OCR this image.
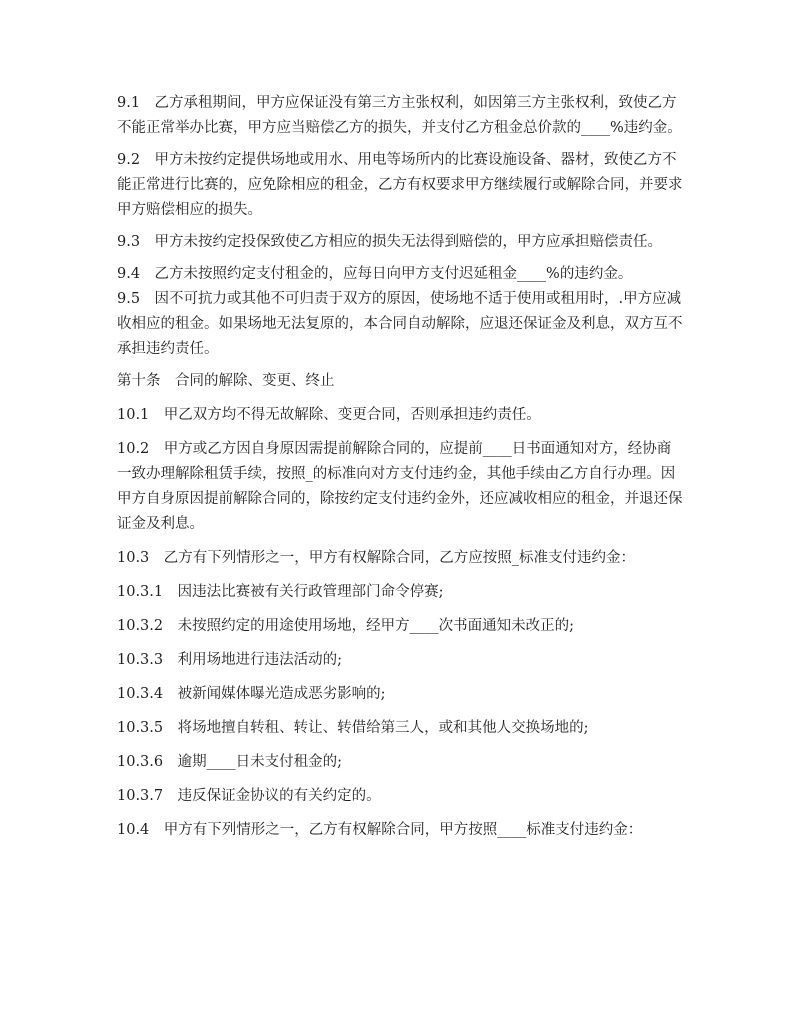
9.1　乙方承租期间，甲方应保证没有第三方主张权利，如因第三方主张权利，致使乙方不能正常举办比赛，甲方应当赔偿乙方的损失，并支付乙方租金总价款的____%违约金。

9.2　甲方未按约定提供场地或用水、用电等场所内的比赛设施设备、器材，致使乙方不能正常进行比赛的，应免除相应的租金，乙方有权要求甲方继续履行或解除合同，并要求甲方赔偿相应的损失。

9.3　甲方未按约定投保致使乙方相应的损失无法得到赔偿的，甲方应承担赔偿责任。

9.4　乙方未按照约定支付租金的，应每日向甲方支付迟延租金____%的违约金。

9.5　因不可抗力或其他不可归责于双方的原因，使场地不适于使用或租用时，.甲方应减收相应的租金。如果场地无法复原的，本合同自动解除，应退还保证金及利息，双方互不承担违约责任。

第十条　合同的解除、变更、终止

10.1　甲乙双方均不得无故解除、变更合同，否则承担违约责任。

10.2　甲方或乙方因自身原因需提前解除合同的，应提前____日书面通知对方，经协商一致办理解除租赁手续，按照_的标准向对方支付违约金，其他手续由乙方自行办理。因甲方自身原因提前解除合同的，除按约定支付违约金外，还应减收相应的租金，并退还保证金及利息。

10.3　乙方有下列情形之一，甲方有权解除合同，乙方应按照_标准支付违约金：

10.3.1　因违法比赛被有关行政管理部门命令停赛;

10.3.2　未按照约定的用途使用场地，经甲方____次书面通知未改正的;

10.3.3　利用场地进行违法活动的;

10.3.4　被新闻媒体曝光造成恶劣影响的;

10.3.5　将场地擅自转租、转让、转借给第三人，或和其他人交换场地的;

10.3.6　逾期____日未支付租金的;

10.3.7　违反保证金协议的有关约定的。

10.4　甲方有下列情形之一，乙方有权解除合同，甲方按照____标准支付违约金：
